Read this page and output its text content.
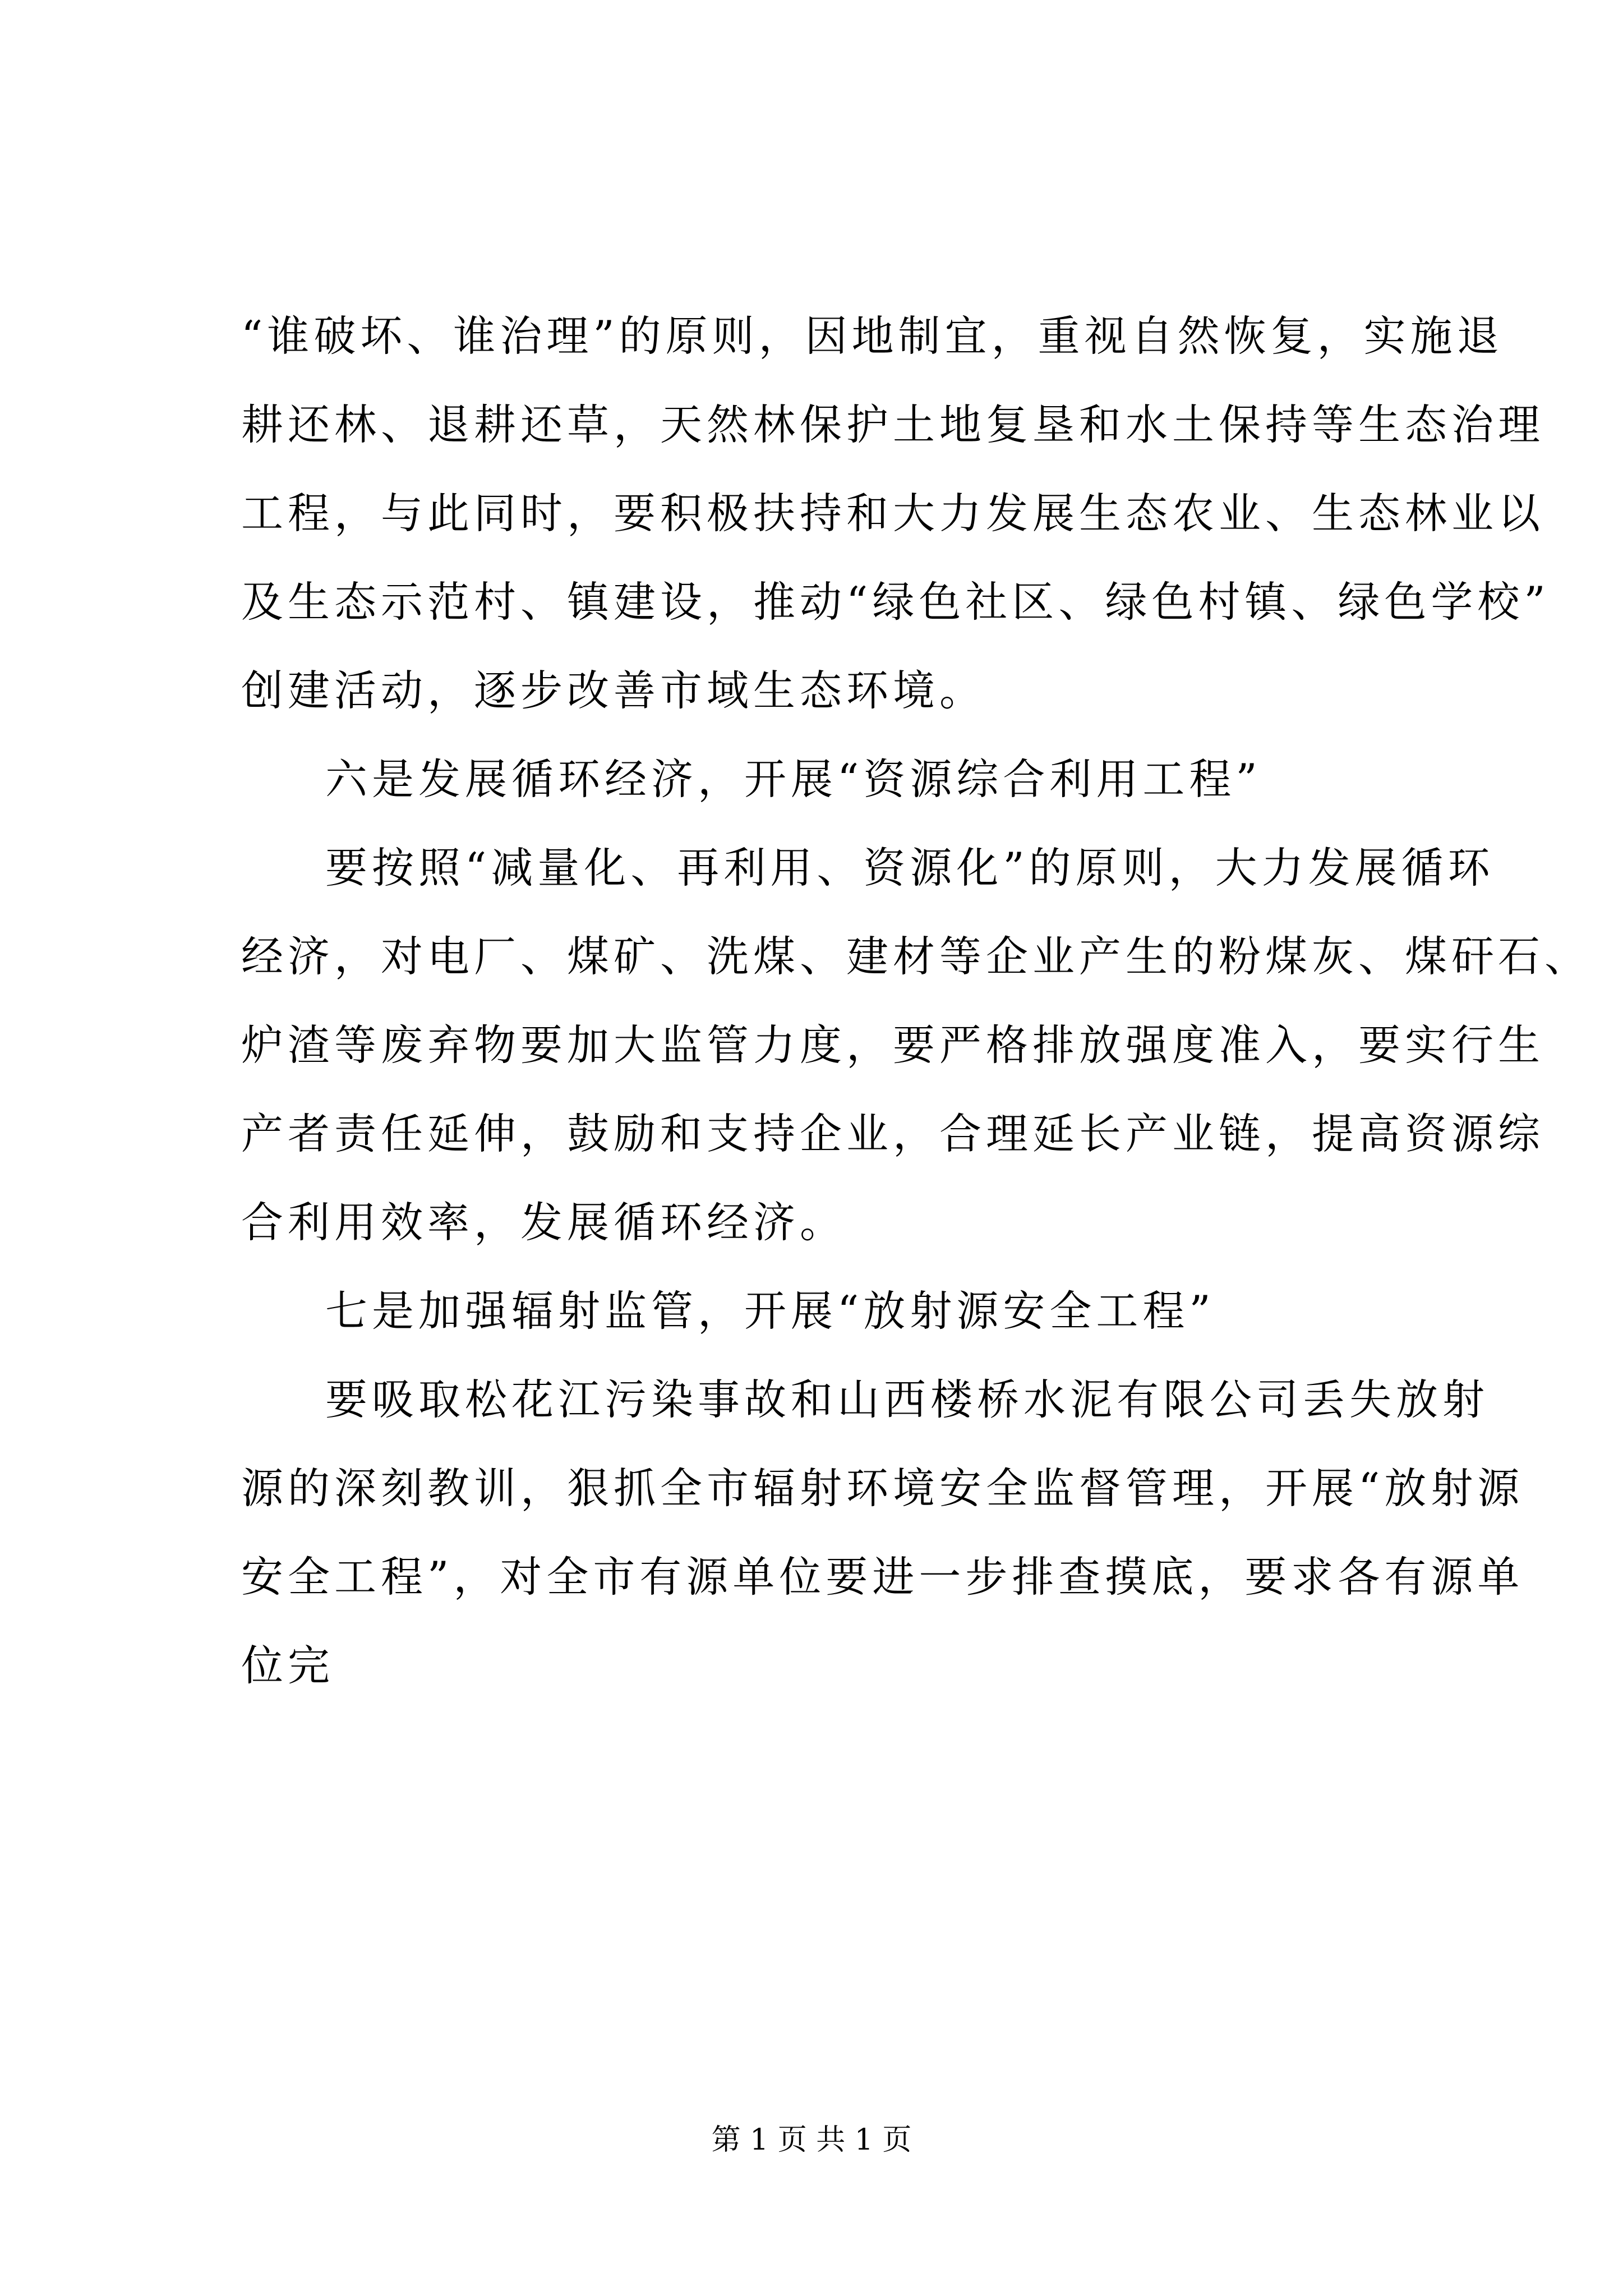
“谁破坏、谁治理”的原则，因地制宜，重视自然恢复，实施退
耕还林、退耕还草，天然林保护土地复垦和水土保持等生态治理
工程，与此同时，要积极扶持和大力发展生态农业、生态林业以
及生态示范村、镇建设，推动“绿色社区、绿色村镇、绿色学校”
创建活动，逐步改善市域生态环境。
六是发展循环经济，开展“资源综合利用工程”
要按照“减量化、再利用、资源化”的原则，大力发展循环
经济，对电厂、煤矿、洗煤、建材等企业产生的粉煤灰、煤矸石、
炉渣等废弃物要加大监管力度，要严格排放强度准入，要实行生
产者责任延伸，鼓励和支持企业，合理延长产业链，提高资源综
合利用效率，发展循环经济。
七是加强辐射监管，开展“放射源安全工程”
要吸取松花江污染事故和山西楼桥水泥有限公司丢失放射
源的深刻教训，狠抓全市辐射环境安全监督管理，开展“放射源
安全工程”，对全市有源单位要进一步排查摸底，要求各有源单
位完
第 1 页 共 1 页
